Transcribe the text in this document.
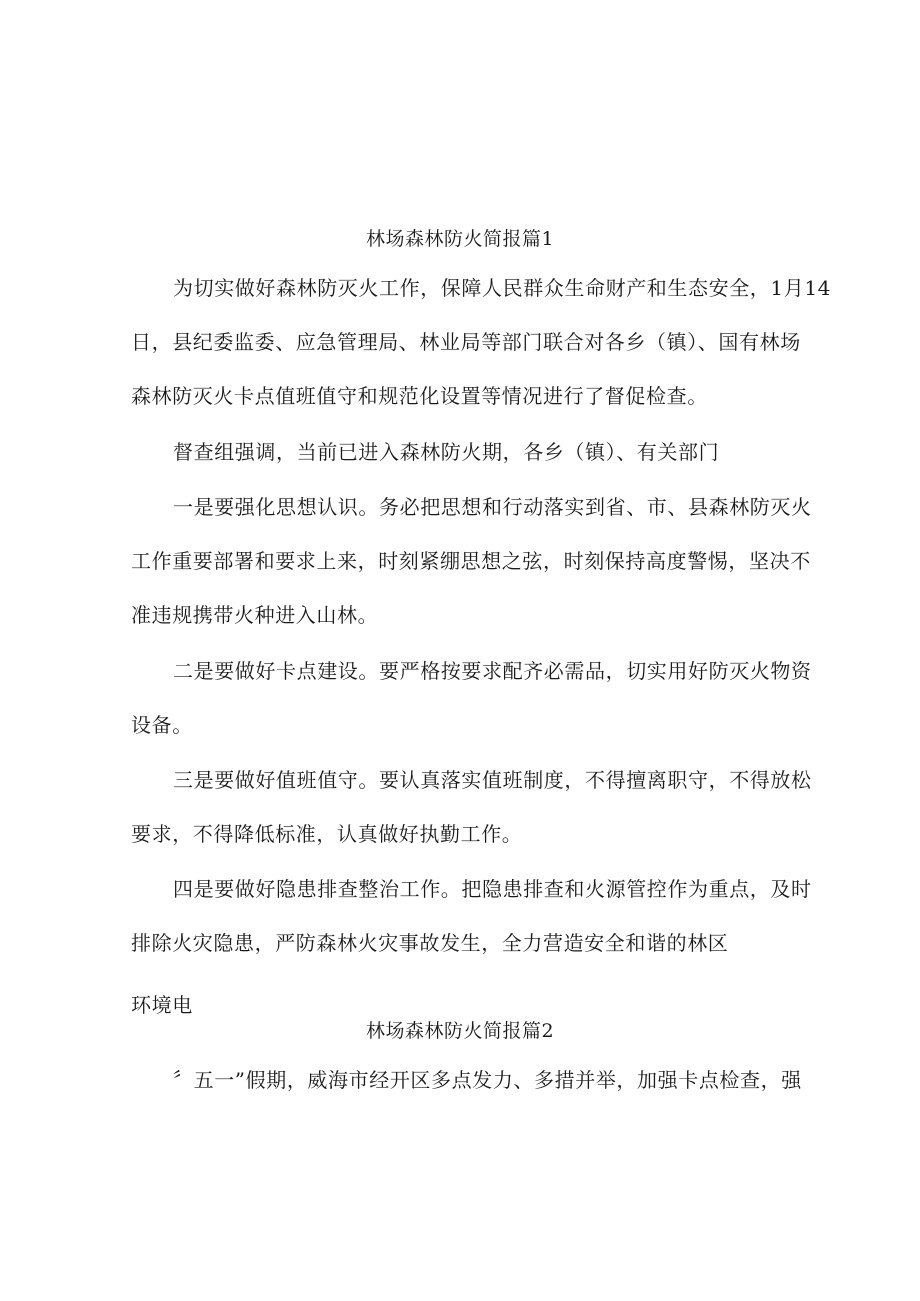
林场森林防火简报篇1
为切实做好森林防灭火工作，保障人民群众生命财产和生态安全，1月14
日，县纪委监委、应急管理局、林业局等部门联合对各乡（镇）、国有林场
森林防灭火卡点值班值守和规范化设置等情况进行了督促检查。
督查组强调，当前已进入森林防火期，各乡（镇）、有关部门
一是要强化思想认识。务必把思想和行动落实到省、市、县森林防灭火
工作重要部署和要求上来，时刻紧绷思想之弦，时刻保持高度警惕，坚决不
准违规携带火种进入山林。
二是要做好卡点建设。要严格按要求配齐必需品，切实用好防灭火物资
设备。
三是要做好值班值守。要认真落实值班制度，不得擅离职守，不得放松
要求，不得降低标准，认真做好执勤工作。
四是要做好隐患排查整治工作。把隐患排查和火源管控作为重点，及时
排除火灾隐患，严防森林火灾事故发生，全力营造安全和谐的林区
环境电
林场森林防火简报篇2
〞五一”假期，威海市经开区多点发力、多措并举，加强卡点检查，强
